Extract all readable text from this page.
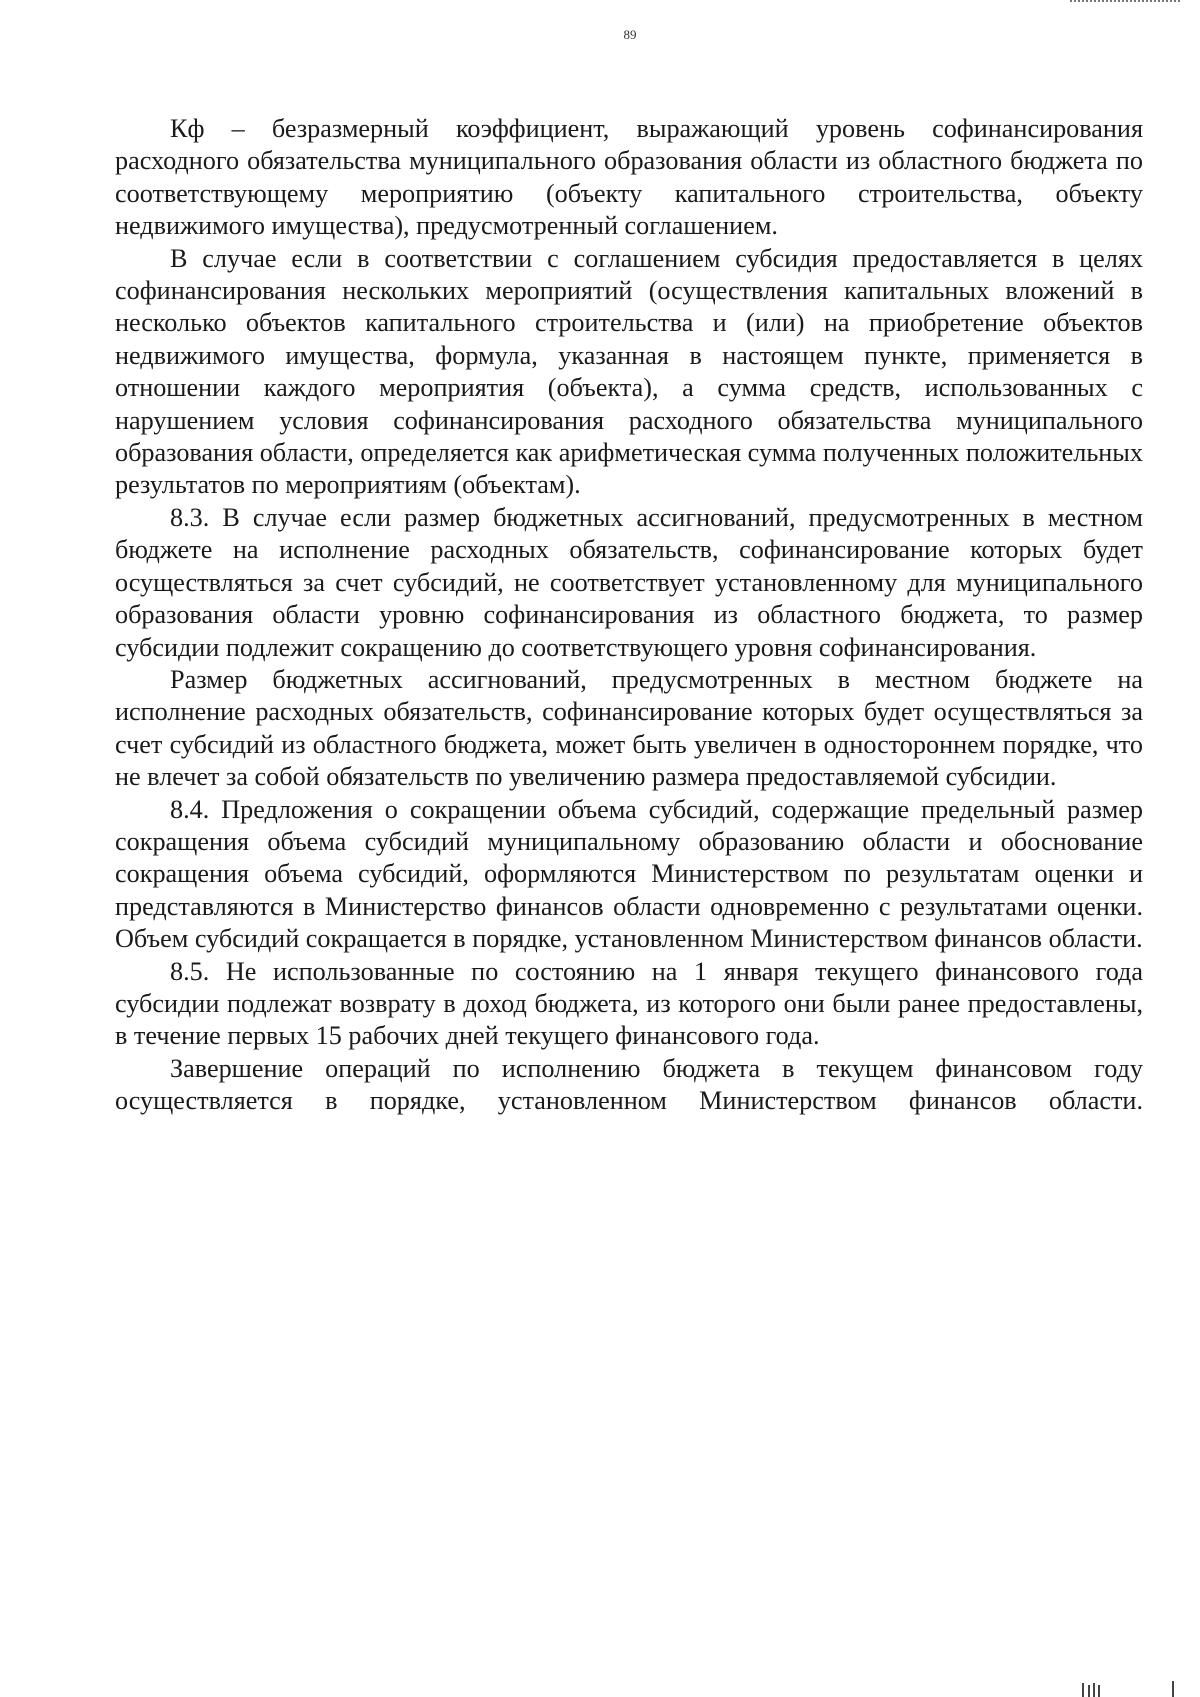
89

Кф – безразмерный коэффициент, выражающий уровень софинансирования расходного обязательства муниципального образования области из областного бюджета по соответствующему мероприятию (объекту капитального строительства, объекту недвижимого имущества), предусмотренный соглашением.

В случае если в соответствии с соглашением субсидия предоставляется в целях софинансирования нескольких мероприятий (осуществления капитальных вложений в несколько объектов капитального строительства и (или) на приобретение объектов недвижимого имущества, формула, указанная в настоящем пункте, применяется в отношении каждого мероприятия (объекта), а сумма средств, использованных с нарушением условия софинансирования расходного обязательства муниципального образования области, определяется как арифметическая сумма полученных положительных результатов по мероприятиям (объектам).

8.3. В случае если размер бюджетных ассигнований, предусмотренных в местном бюджете на исполнение расходных обязательств, софинансирование которых будет осуществляться за счет субсидий, не соответствует установленному для муниципального образования области уровню софинансирования из областного бюджета, то размер субсидии подлежит сокращению до соответствующего уровня софинансирования.

Размер бюджетных ассигнований, предусмотренных в местном бюджете на исполнение расходных обязательств, софинансирование которых будет осуществляться за счет субсидий из областного бюджета, может быть увеличен в одностороннем порядке, что не влечет за собой обязательств по увеличению размера предоставляемой субсидии.

8.4. Предложения о сокращении объема субсидий, содержащие предельный размер сокращения объема субсидий муниципальному образованию области и обоснование сокращения объема субсидий, оформляются Министерством по результатам оценки и представляются в Министерство финансов области одновременно с результатами оценки. Объем субсидий сокращается в порядке, установленном Министерством финансов области.

8.5. Не использованные по состоянию на 1 января текущего финансового года субсидии подлежат возврату в доход бюджета, из которого они были ранее предоставлены, в течение первых 15 рабочих дней текущего финансового года.

Завершение операций по исполнению бюджета в текущем финансовом году осуществляется в порядке, установленном Министерством финансов области.
